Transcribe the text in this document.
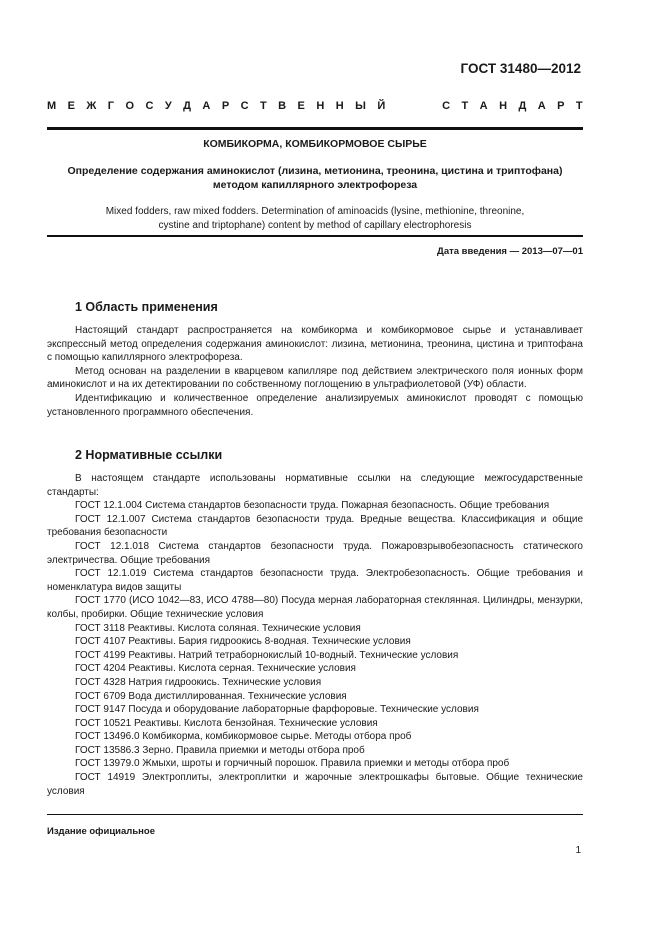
ГОСТ 31480—2012
М Е Ж Г О С У Д А Р С Т В Е Н Н Ы Й	С Т А Н Д А Р Т
КОМБИКОРМА, КОМБИКОРМОВОЕ СЫРЬЕ
Определение содержания аминокислот (лизина, метионина, треонина, цистина и триптофана)
методом капиллярного электрофореза
Mixed fodders, raw mixed fodders. Determination of aminoacids (lysine, methionine, threonine,
cystine and triptophane) content by method of capillary electrophoresis
Дата введения — 2013—07—01
1 Область применения

Настоящий стандарт распространяется на комбикорма и комбикормовое сырье и устанавливает экспрессный метод определения содержания аминокислот: лизина, метионина, треонина, цистина и триптофана с помощью капиллярного электрофореза.

Метод основан на разделении в кварцевом капилляре под действием электрического поля ионных форм аминокислот и на их детектировании по собственному поглощению в ультрафиолетовой (УФ) области.

Идентификацию и количественное определение анализируемых аминокислот проводят с помощью установленного программного обеспечения.

2 Нормативные ссылки

В настоящем стандарте использованы нормативные ссылки на следующие межгосударственные стандарты:

ГОСТ 12.1.004 Система стандартов безопасности труда. Пожарная безопасность. Общие требования

ГОСТ 12.1.007 Система стандартов безопасности труда. Вредные вещества. Классификация и общие требования безопасности

ГОСТ 12.1.018 Система стандартов безопасности труда. Пожаровзрывобезопасность статического электричества. Общие требования

ГОСТ 12.1.019 Система стандартов безопасности труда. Электробезопасность. Общие требования и номенклатура видов защиты

ГОСТ 1770 (ИСО 1042—83, ИСО 4788—80) Посуда мерная лабораторная стеклянная. Цилиндры, мензурки, колбы, пробирки. Общие технические условия

ГОСТ 3118 Реактивы. Кислота соляная. Технические условия

ГОСТ 4107 Реактивы. Бария гидроокись 8-водная. Технические условия

ГОСТ 4199 Реактивы. Натрий тетраборнокислый 10-водный. Технические условия

ГОСТ 4204 Реактивы. Кислота серная. Технические условия

ГОСТ 4328 Натрия гидроокись. Технические условия

ГОСТ 6709 Вода дистиллированная. Технические условия

ГОСТ 9147 Посуда и оборудование лабораторные фарфоровые. Технические условия

ГОСТ 10521 Реактивы. Кислота бензойная. Технические условия

ГОСТ 13496.0 Комбикорма, комбикормовое сырье. Методы отбора проб

ГОСТ 13586.3 Зерно. Правила приемки и методы отбора проб

ГОСТ 13979.0 Жмыхи, шроты и горчичный порошок. Правила приемки и методы отбора проб

ГОСТ 14919 Электроплиты, электроплитки и жарочные электрошкафы бытовые. Общие технические условия

Издание официальное
1
